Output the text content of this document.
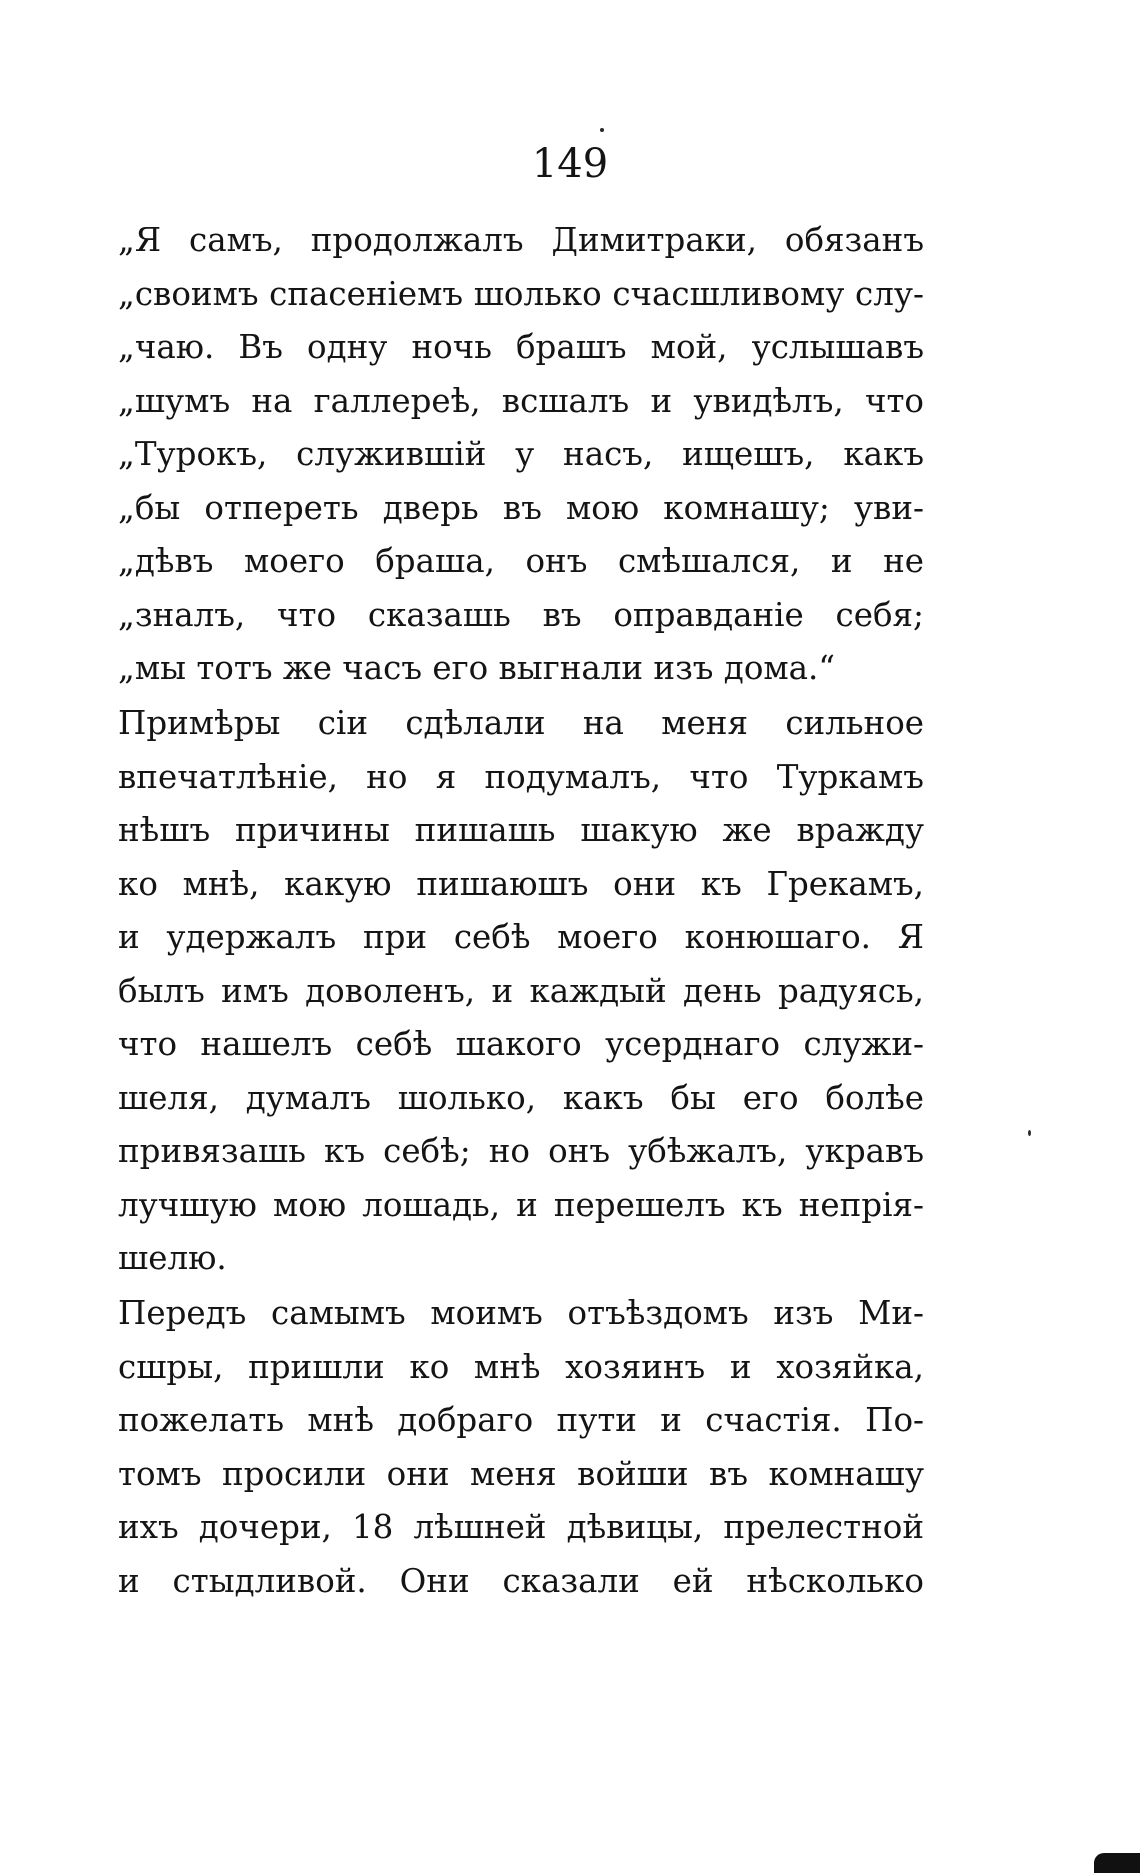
149
„Я самъ, продолжалъ Димитраки, обязанъ
„своимъ спасенiемъ шолько счасшливому слу-
„чаю. Въ одну ночь брашъ мой, услышавъ
„шумъ на галлереѣ, всшалъ и увидѣлъ, что
„Турокъ, служившiй у насъ, ищешъ, какъ
„бы отпереть дверь въ мою комнашу; уви-
„дѣвъ моего браша, онъ смѣшался, и не
„зналъ, что сказашь въ оправданiе себя;
„мы тотъ же часъ его выгнали изъ дома.“
Примѣры сiи сдѣлали на меня сильное
впечатлѣнiе, но я подумалъ, что Туркамъ
нѣшъ причины пишашь шакую же вражду
ко мнѣ, какую пишаюшъ они къ Грекамъ,
и удержалъ при себѣ моего конюшаго. Я
былъ имъ доволенъ, и каждый день радуясь,
что нашелъ себѣ шакого усерднаго служи-
шеля, думалъ шолько, какъ бы его болѣе
привязашь къ себѣ; но онъ убѣжалъ, укравъ
лучшую мою лошадь, и перешелъ къ непрiя-
шелю.
Передъ самымъ моимъ отъѣздомъ изъ Ми-
сшры, пришли ко мнѣ хозяинъ и хозяйка,
пожелать мнѣ добраго пути и счастiя. По-
томъ просили они меня войши въ комнашу
ихъ дочери, 18 лѣшней дѣвицы, прелестной
и стыдливой. Они сказали ей нѣсколько
